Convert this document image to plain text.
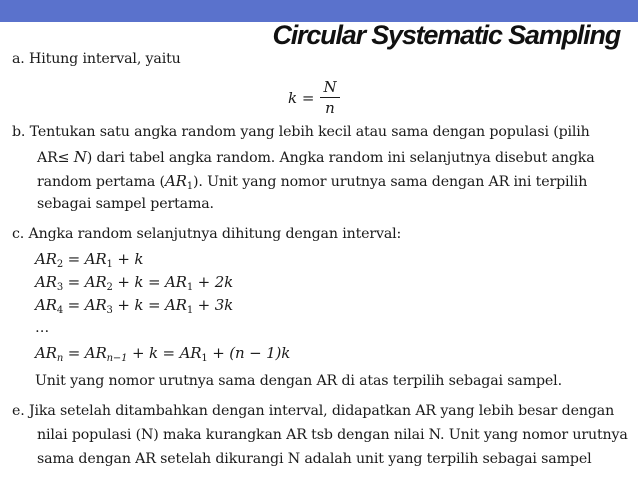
Circular Systematic Sampling
a. Hitung interval, yaitu
$k = \frac{N}{n}$
b. Tentukan satu angka random yang lebih kecil atau sama dengan populasi (pilih
AR≤ N) dari tabel angka random. Angka random ini selanjutnya disebut angka
random pertama $(AR_1)$. Unit yang nomor urutnya sama dengan AR ini terpilih
sebagai sampel pertama.
c. Angka random selanjutnya dihitung dengan interval:
$AR_2 = AR_1 + k$
$AR_3 = AR_2 + k = AR_1 + 2k$
$AR_4 = AR_3 + k = AR_1 + 3k$
…
$AR_n = AR_{n-1} + k = AR_1 + (n - 1)k$
Unit yang nomor urutnya sama dengan AR di atas terpilih sebagai sampel.
e. Jika setelah ditambahkan dengan interval, didapatkan AR yang lebih besar dengan
nilai populasi (N) maka kurangkan AR tsb dengan nilai N. Unit yang nomor urutnya
sama dengan AR setelah dikurangi N adalah unit yang terpilih sebagai sampel
